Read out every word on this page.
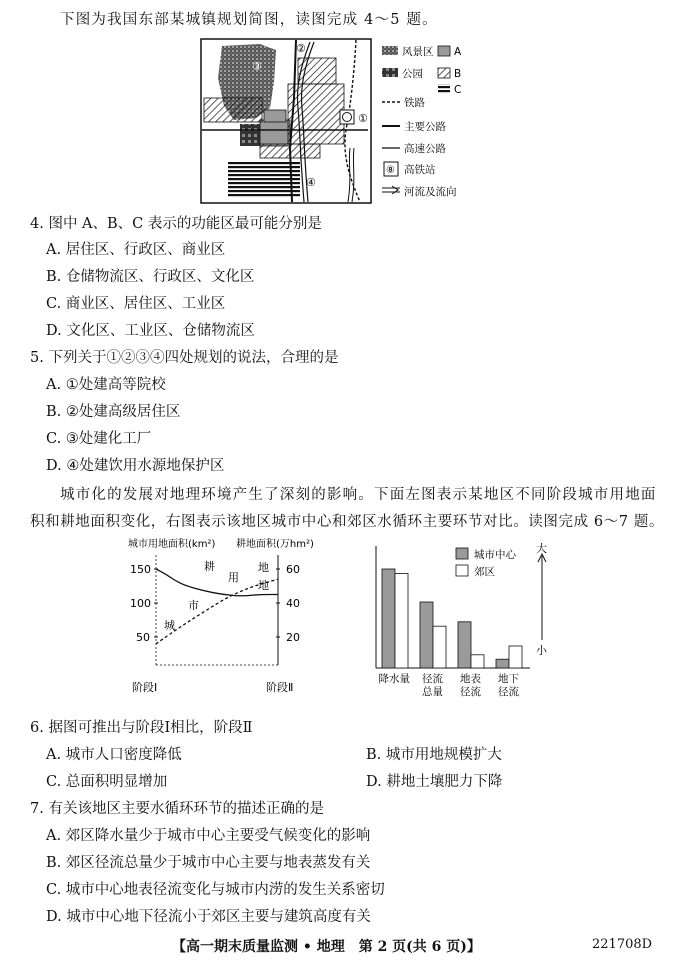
下图为我国东部某城镇规划简图，读图完成 4～5 题。
①
②
③
④
风景区 A
公园	B
C
铁路
主要公路
高速公路
⑧ 高铁站
河流及流向
4. 图中 A、B、C 表示的功能区最可能分别是
A. 居住区、行政区、商业区
B. 仓储物流区、行政区、文化区
C. 商业区、居住区、工业区
D. 文化区、工业区、仓储物流区
5. 下列关于①②③④四处规划的说法，合理的是
A. ①处建高等院校
B. ②处建高级居住区
C. ③处建化工厂
D. ④处建饮用水源地保护区
城市化的发展对地理环境产生了深刻的影响。下面左图表示某地区不同阶段城市用地面
积和耕地面积变化，右图表示该地区城市中心和郊区水循环主要环节对比。读图完成 6～7 题。
城市用地面积(km²) 耕地面积(万hm²)
150
100
50
60
40
20
耕
用
地
城
市
地
阶段Ⅰ	阶段Ⅱ
城市中心
郊区
大
小
降水量 径流
总量
地表
径流
地下
径流
6. 据图可推出与阶段Ⅰ相比，阶段Ⅱ
A. 城市人口密度降低	B. 城市用地规模扩大
C. 总面积明显增加	D. 耕地土壤肥力下降
7. 有关该地区主要水循环环节的描述正确的是
A. 郊区降水量少于城市中心主要受气候变化的影响
B. 郊区径流总量少于城市中心主要与地表蒸发有关
C. 城市中心地表径流变化与城市内涝的发生关系密切
D. 城市中心地下径流小于郊区主要与建筑高度有关
【高一期末质量监测 • 地理　第 2 页(共 6 页)】	221708D
